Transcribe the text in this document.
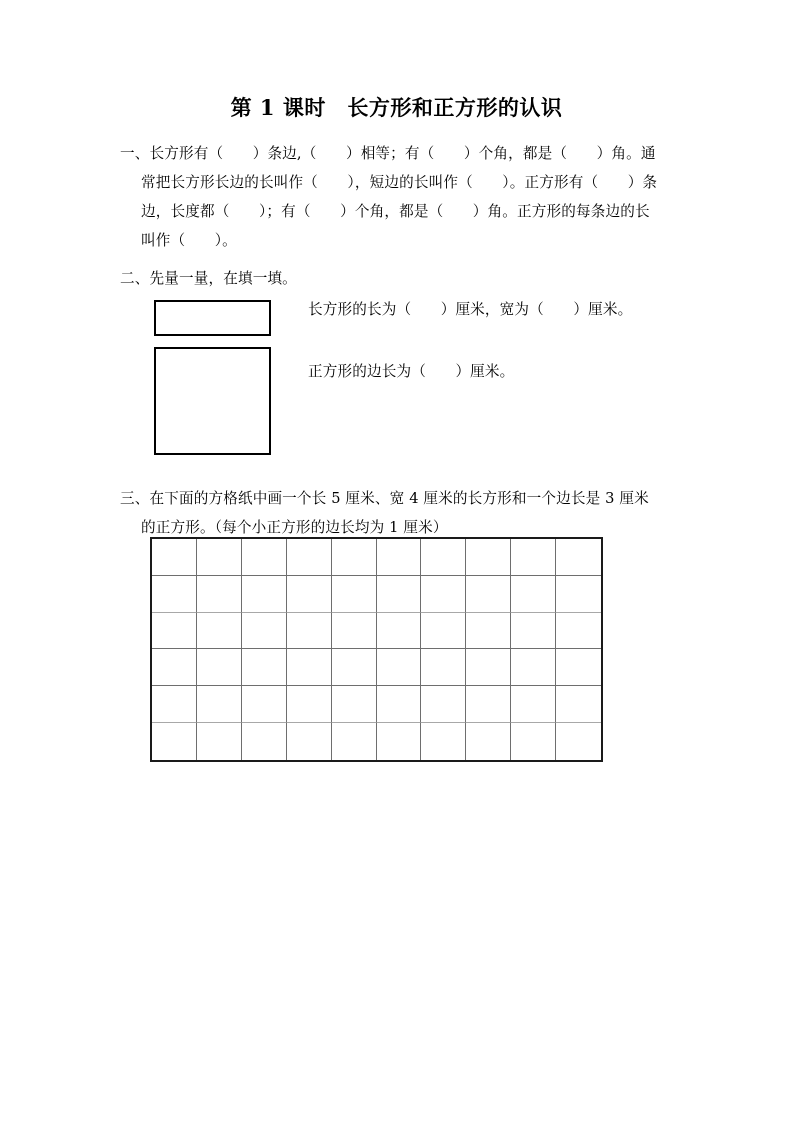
第 1 课时　长方形和正方形的认识
一、长方形有（　　）条边,（　　）相等；有（　　）个角，都是（　　）角。通
常把长方形长边的长叫作（　　），短边的长叫作（　　）。正方形有（　　）条
边，长度都（　　）；有（　　）个角，都是（　　）角。正方形的每条边的长
叫作（　　）。
二、先量一量，在填一填。
长方形的长为（　　）厘米，宽为（　　）厘米。
正方形的边长为（　　）厘米。
三、在下面的方格纸中画一个长 5 厘米、宽 4 厘米的长方形和一个边长是 3 厘米
的正方形。（每个小正方形的边长均为 1 厘米）
